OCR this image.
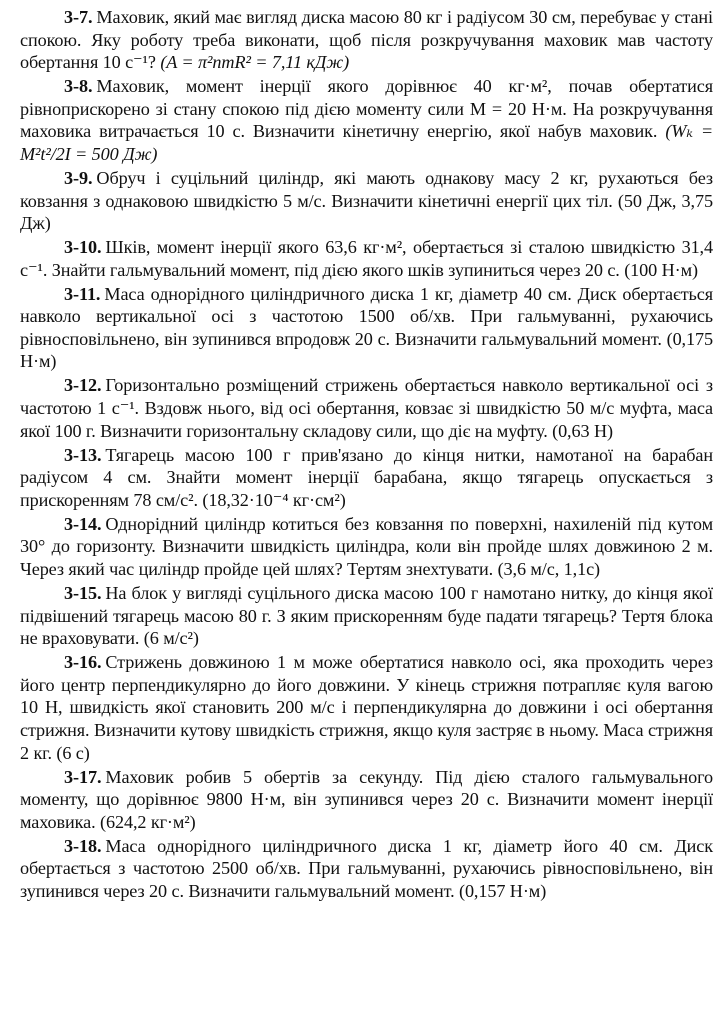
3-7. Маховик, який має вигляд диска масою 80 кг і радіусом 30 см, перебуває у стані спокою. Яку роботу треба виконати, щоб після розкручування маховик мав частоту обертання 10 с⁻¹? (A = π²nmR² = 7,11 кДж)

3-8. Маховик, момент інерції якого дорівнює 40 кг·м², почав обертатися рівноприскорено зі стану спокою під дією моменту сили M = 20 Н·м. На розкручування маховика витрачається 10 с. Визначити кінетичну енергію, якої набув маховик. (Wₖ = M²t²/2I = 500 Дж)

3-9. Обруч і суцільний циліндр, які мають однакову масу 2 кг, рухаються без ковзання з однаковою швидкістю 5 м/с. Визначити кінетичні енергії цих тіл. (50 Дж, 3,75 Дж)

3-10. Шків, момент інерції якого 63,6 кг·м², обертається зі сталою швидкістю 31,4 с⁻¹. Знайти гальмувальний момент, під дією якого шків зупиниться через 20 с. (100 Н·м)

3-11. Маса однорідного циліндричного диска 1 кг, діаметр 40 см. Диск обертається навколо вертикальної осі з частотою 1500 об/хв. При гальмуванні, рухаючись рівносповільнено, він зупинився впродовж 20 с. Визначити гальмувальний момент. (0,175 Н·м)

3-12. Горизонтально розміщений стрижень обертається навколо вертикальної осі з частотою 1 с⁻¹. Вздовж нього, від осі обертання, ковзає зі швидкістю 50 м/с муфта, маса якої 100 г. Визначити горизонтальну складову сили, що діє на муфту. (0,63 Н)

3-13. Тягарець масою 100 г прив'язано до кінця нитки, намотаної на барабан радіусом 4 см. Знайти момент інерції барабана, якщо тягарець опускається з прискоренням 78 см/с². (18,32·10⁻⁴ кг·см²)

3-14. Однорідний циліндр котиться без ковзання по поверхні, нахиленій під кутом 30° до горизонту. Визначити швидкість циліндра, коли він пройде шлях довжиною 2 м. Через який час циліндр пройде цей шлях? Тертям знехтувати. (3,6 м/с, 1,1с)

3-15. На блок у вигляді суцільного диска масою 100 г намотано нитку, до кінця якої підвішений тягарець масою 80 г. З яким прискоренням буде падати тягарець? Тертя блока не враховувати. (6 м/с²)

3-16. Стрижень довжиною 1 м може обертатися навколо осі, яка проходить через його центр перпендикулярно до його довжини. У кінець стрижня потрапляє куля вагою 10 Н, швидкість якої становить 200 м/с і перпендикулярна до довжини і осі обертання стрижня. Визначити кутову швидкість стрижня, якщо куля застряє в ньому. Маса стрижня 2 кг. (6 с)

3-17. Маховик робив 5 обертів за секунду. Під дією сталого гальмувального моменту, що дорівнює 9800 Н·м, він зупинився через 20 с. Визначити момент інерції маховика. (624,2 кг·м²)

3-18. Маса однорідного циліндричного диска 1 кг, діаметр його 40 см. Диск обертається з частотою 2500 об/хв. При гальмуванні, рухаючись рівносповільнено, він зупинився через 20 с. Визначити гальмувальний момент. (0,157 Н·м)
